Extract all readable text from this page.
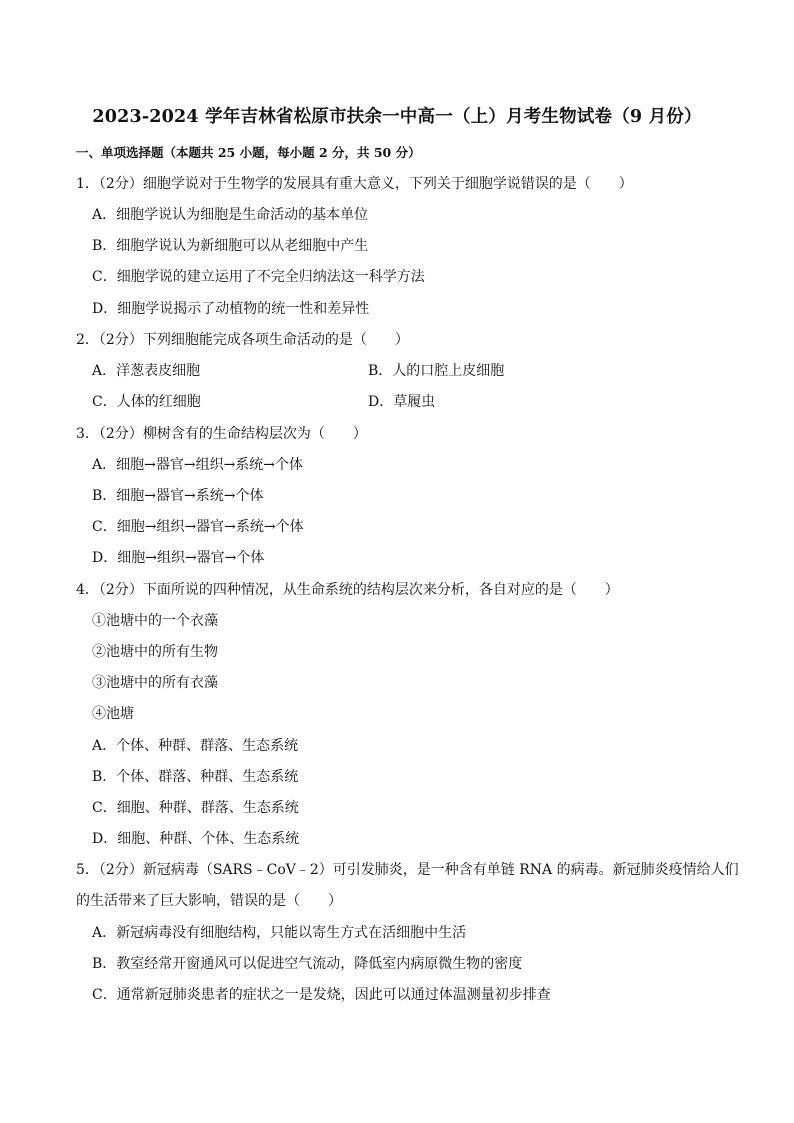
2023-2024 学年吉林省松原市扶余一中高一（上）月考生物试卷（9 月份）
一、单项选择题（本题共 25 小题，每小题 2 分，共 50 分）
1．（2分）细胞学说对于生物学的发展具有重大意义，下列关于细胞学说错误的是（　　）
A．细胞学说认为细胞是生命活动的基本单位
B．细胞学说认为新细胞可以从老细胞中产生
C．细胞学说的建立运用了不完全归纳法这一科学方法
D．细胞学说揭示了动植物的统一性和差异性
2．（2分）下列细胞能完成各项生命活动的是（　　）
A．洋葱表皮细胞	B．人的口腔上皮细胞
C．人体的红细胞	D．草履虫
3．（2分）柳树含有的生命结构层次为（　　）
A．细胞→器官→组织→系统→个体
B．细胞→器官→系统→个体
C．细胞→组织→器官→系统→个体
D．细胞→组织→器官→个体
4．（2分）下面所说的四种情况，从生命系统的结构层次来分析，各自对应的是（　　）
①池塘中的一个衣藻
②池塘中的所有生物
③池塘中的所有衣藻
④池塘
A．个体、种群、群落、生态系统
B．个体、群落、种群、生态系统
C．细胞、种群、群落、生态系统
D．细胞、种群、个体、生态系统
5．（2分）新冠病毒（SARS﹣CoV﹣2）可引发肺炎，是一种含有单链 RNA 的病毒。新冠肺炎疫情给人们
的生活带来了巨大影响，错误的是（　　）
A．新冠病毒没有细胞结构，只能以寄生方式在活细胞中生活
B．教室经常开窗通风可以促进空气流动，降低室内病原微生物的密度
C．通常新冠肺炎患者的症状之一是发烧，因此可以通过体温测量初步排查
